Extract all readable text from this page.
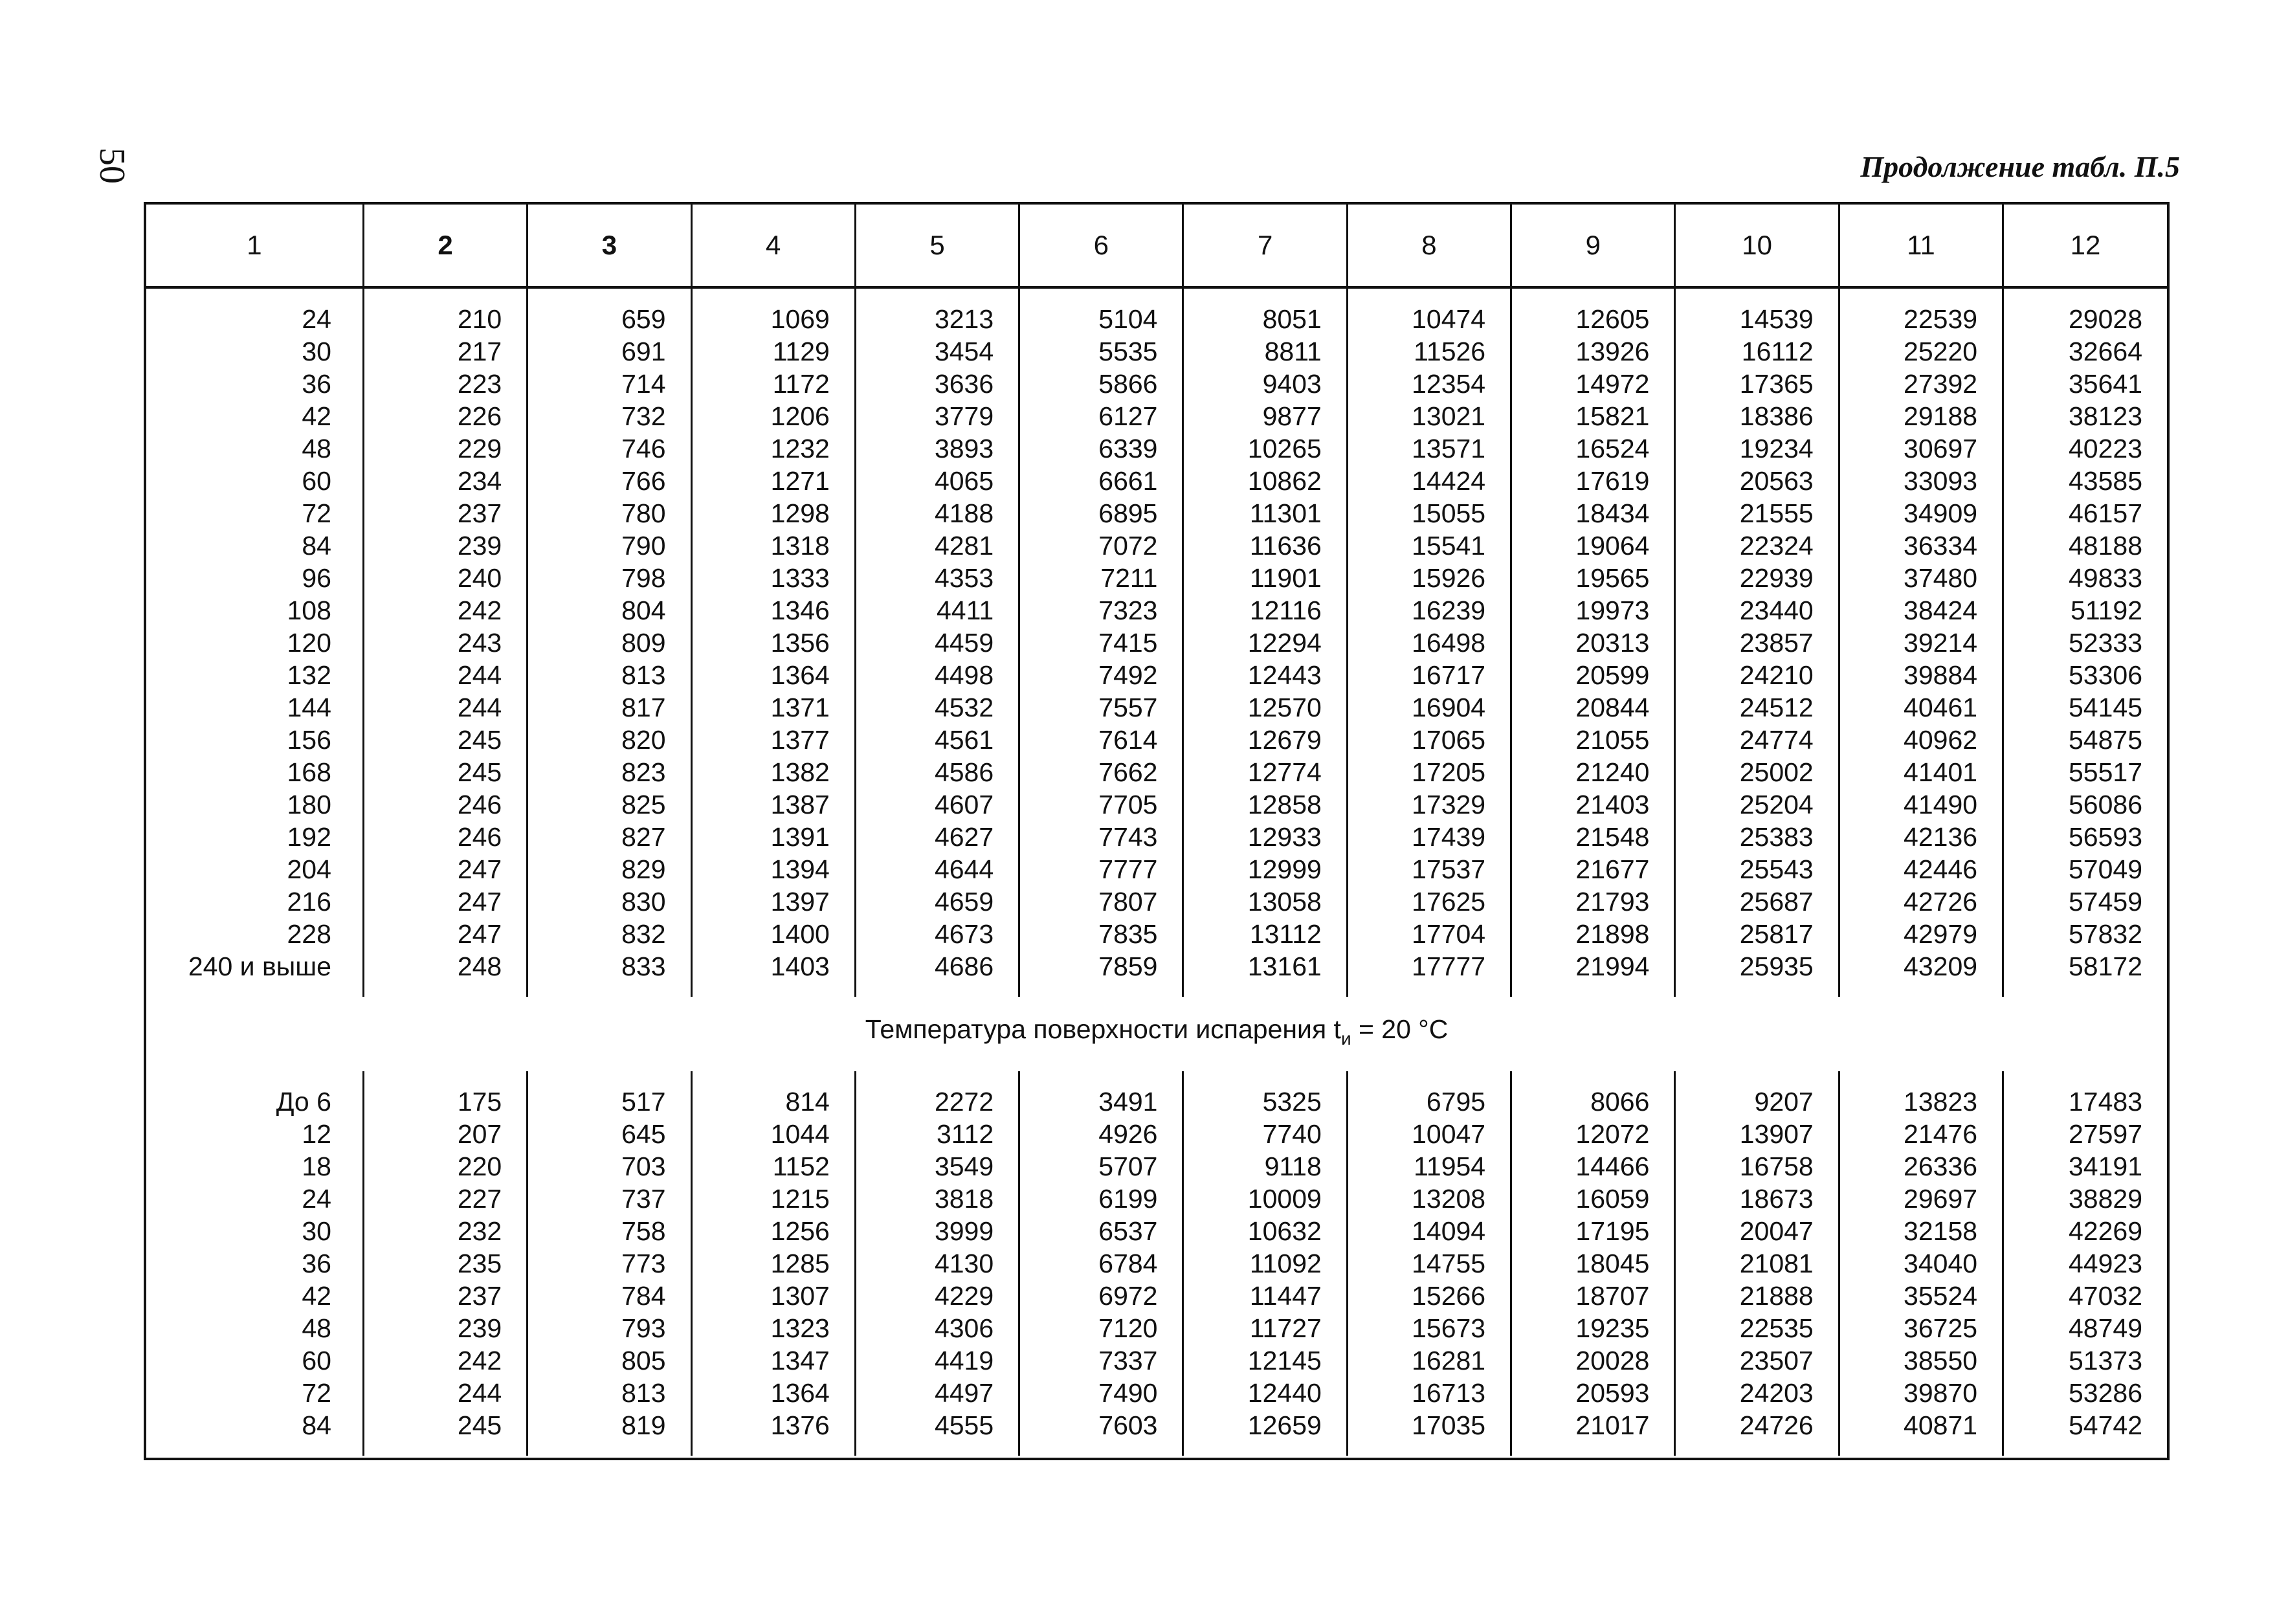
50	Продолжение табл. П.5
1	2	3	4	5	6	7	8	9	10	11	12
24	210	659	1069	3213	5104	8051	10474	12605	14539	22539	29028
30	217	691	1129	3454	5535	8811	11526	13926	16112	25220	32664
36	223	714	1172	3636	5866	9403	12354	14972	17365	27392	35641
42	226	732	1206	3779	6127	9877	13021	15821	18386	29188	38123
48	229	746	1232	3893	6339	10265	13571	16524	19234	30697	40223
60	234	766	1271	4065	6661	10862	14424	17619	20563	33093	43585
72	237	780	1298	4188	6895	11301	15055	18434	21555	34909	46157
84	239	790	1318	4281	7072	11636	15541	19064	22324	36334	48188
96	240	798	1333	4353	7211	11901	15926	19565	22939	37480	49833
108	242	804	1346	4411	7323	12116	16239	19973	23440	38424	51192
120	243	809	1356	4459	7415	12294	16498	20313	23857	39214	52333
132	244	813	1364	4498	7492	12443	16717	20599	24210	39884	53306
144	244	817	1371	4532	7557	12570	16904	20844	24512	40461	54145
156	245	820	1377	4561	7614	12679	17065	21055	24774	40962	54875
168	245	823	1382	4586	7662	12774	17205	21240	25002	41401	55517
180	246	825	1387	4607	7705	12858	17329	21403	25204	41490	56086
192	246	827	1391	4627	7743	12933	17439	21548	25383	42136	56593
204	247	829	1394	4644	7777	12999	17537	21677	25543	42446	57049
216	247	830	1397	4659	7807	13058	17625	21793	25687	42726	57459
228	247	832	1400	4673	7835	13112	17704	21898	25817	42979	57832
240 и выше	248	833	1403	4686	7859	13161	17777	21994	25935	43209	58172
Температура поверхности испарения $t_и = 20$ °C											
До 6	175	517	814	2272	3491	5325	6795	8066	9207	13823	17483
12	207	645	1044	3112	4926	7740	10047	12072	13907	21476	27597
18	220	703	1152	3549	5707	9118	11954	14466	16758	26336	34191
24	227	737	1215	3818	6199	10009	13208	16059	18673	29697	38829
30	232	758	1256	3999	6537	10632	14094	17195	20047	32158	42269
36	235	773	1285	4130	6784	11092	14755	18045	21081	34040	44923
42	237	784	1307	4229	6972	11447	15266	18707	21888	35524	47032
48	239	793	1323	4306	7120	11727	15673	19235	22535	36725	48749
60	242	805	1347	4419	7337	12145	16281	20028	23507	38550	51373
72	244	813	1364	4497	7490	12440	16713	20593	24203	39870	53286
84	245	819	1376	4555	7603	12659	17035	21017	24726	40871	54742
